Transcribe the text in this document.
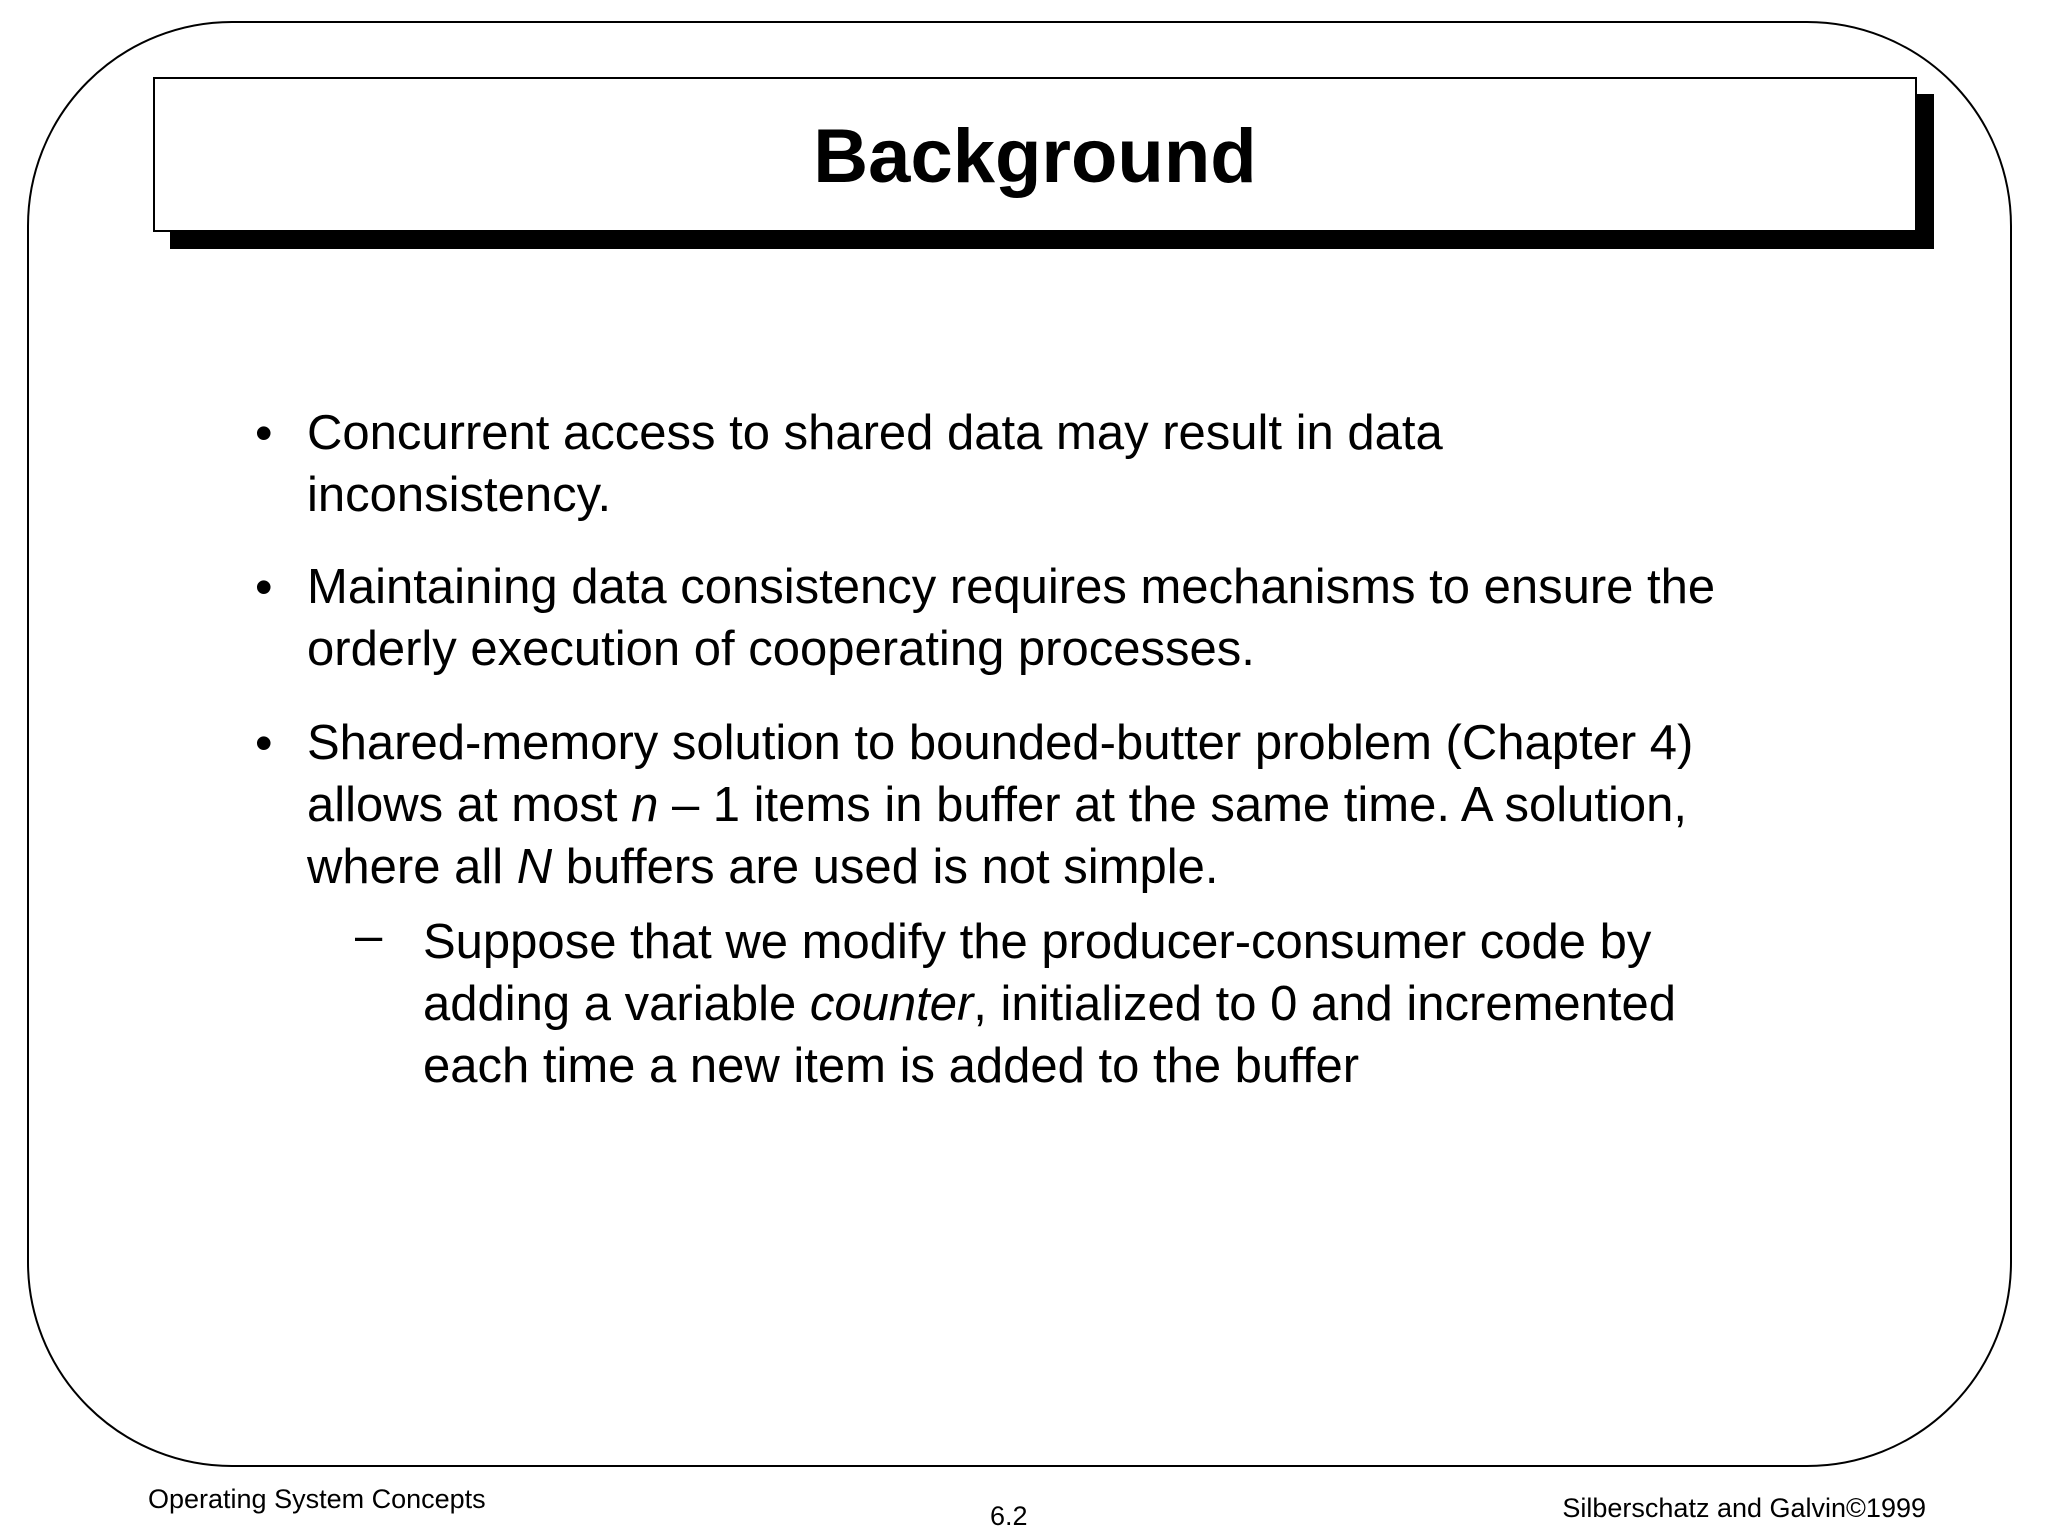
Background
• Concurrent access to shared data may result in data
inconsistency.
• Maintaining data consistency requires mechanisms to ensure the
orderly execution of cooperating processes.
• Shared-memory solution to bounded-butter problem (Chapter 4)
allows at most n – 1 items in buffer at the same time. A solution,
where all N buffers are used is not simple.
– Suppose that we modify the producer-consumer code by
adding a variable counter, initialized to 0 and incremented
each time a new item is added to the buffer
Operating System Concepts
6.2	Silberschatz and Galvin©1999
